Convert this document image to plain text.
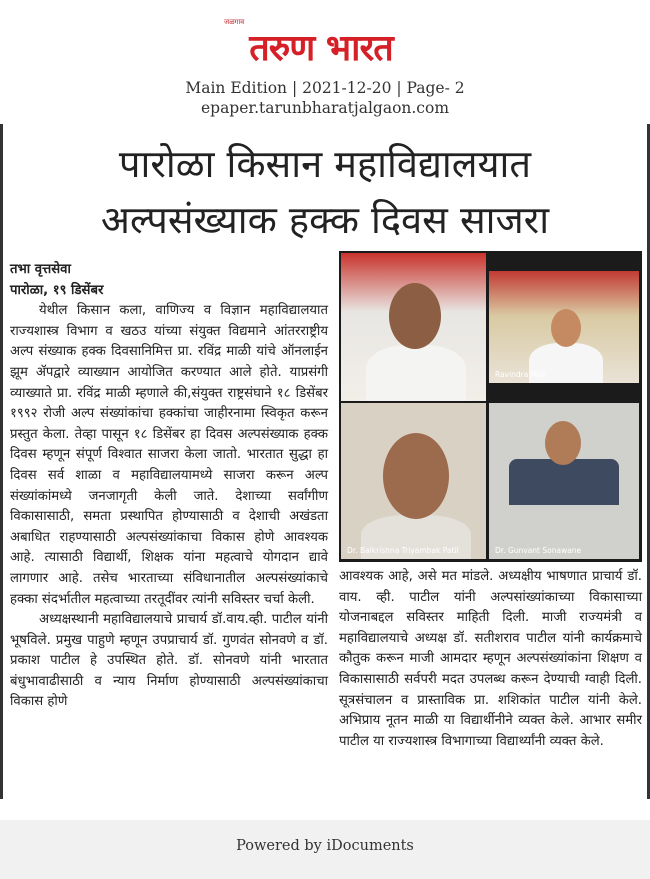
जळगाव
तरुण भारत
Main Edition | 2021-12-20 | Page- 2
epaper.tarunbharatjalgaon.com
पारोळा किसान महाविद्यालयात
अल्पसंख्याक हक्क दिवस साजरा
तभा वृत्तसेवा
पारोळा, १९ डिसेंबर

येथील किसान कला, वाणिज्य व विज्ञान महाविद्यालयात राज्यशास्त्र विभाग व खठउ यांच्या संयुक्त विद्यमाने आंतरराष्ट्रीय अल्प संख्याक हक्क दिवसानिमित्त प्रा. रविंद्र माळी यांचे ऑनलाईन झूम ॲपद्वारे व्याख्यान आयोजित करण्यात आले होते. याप्रसंगी व्याख्याते प्रा. रविंद्र माळी म्हणाले की,संयुक्त राष्ट्रसंघाने १८ डिसेंबर १९९२ रोजी अल्प संख्यांकांचा हक्कांचा जाहीरनामा स्विकृत करून प्रस्तुत केला. तेव्हा पासून १८ डिसेंबर हा दिवस अल्पसंख्याक हक्क दिवस म्हणून संपूर्ण विश्वात साजरा केला जातो. भारतात सुद्धा हा दिवस सर्व शाळा व महाविद्यालयामध्ये साजरा करून अल्प संख्यांकांमध्ये जनजागृती केली जाते. देशाच्या सर्वांगीण विकासासाठी, समता प्रस्थापित होण्यासाठी व देशाची अखंडता अबाधित राहण्यासाठी अल्पसंख्यांकाचा विकास होणे आवश्यक आहे. त्यासाठी विद्यार्थी, शिक्षक यांना महत्वाचे योगदान द्यावे लागणार आहे. तसेच भारताच्या संविधानातील अल्पसंख्यांकाचे हक्का संदर्भातील महत्वाच्या तरतूदींवर त्यांनी सविस्तर चर्चा केली.

अध्यक्षस्थानी महाविद्यालयाचे प्राचार्य डॉ.वाय.व्ही. पाटील यांनी भूषविले. प्रमुख पाहुणे म्हणून उपप्राचार्य डॉ. गुणवंत सोनवणे व डॉ. प्रकाश पाटील हे उपस्थित होते. डॉ. सोनवणे यांनी भारतात बंधुभावाढीसाठी व न्याय निर्माण होण्यासाठी अल्पसंख्यांकाचा विकास होणे

Ravindra Mali
Dr. Balkrishna Triyambak Patil	Dr. Gunvant Sonawane

आवश्यक आहे, असे मत मांडले. अध्यक्षीय भाषणात प्राचार्य डॉ. वाय. व्ही. पाटील यांनी अल्पसांख्यांकाच्या विकासाच्या योजनाबद्दल सविस्तर माहिती दिली. माजी राज्यमंत्री व महाविद्यालयाचे अध्यक्ष डॉ. सतीशराव पाटील यांनी कार्यक्रमाचे कौतुक करून माजी आमदार म्हणून अल्पसंख्यांकांना शिक्षण व विकासासाठी सर्वपरी मदत उपलब्ध करून देण्याची ग्वाही दिली. सूत्रसंचालन व प्रास्ताविक प्रा. शशिकांत पाटील यांनी केले. अभिप्राय नूतन माळी या विद्यार्थीनीने व्यक्त केले. आभार समीर पाटील या राज्यशास्त्र विभागाच्या विद्यार्थ्यांनी व्यक्त केले.

Powered by iDocuments
